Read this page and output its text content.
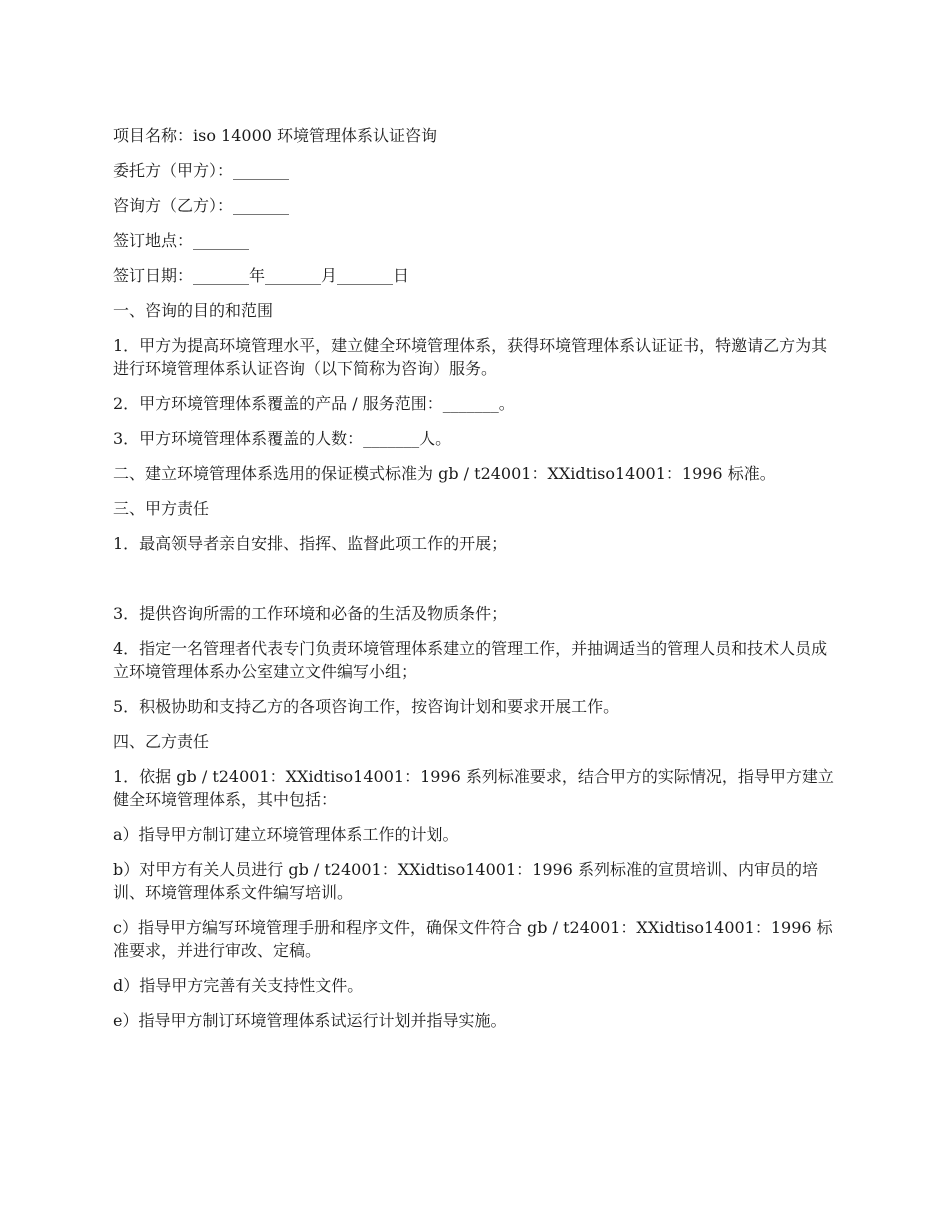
项目名称：iso 14000 环境管理体系认证咨询

委托方（甲方）：_______

咨询方（乙方）：_______

签订地点：_______

签订日期：_______年_______月_______日

一、咨询的目的和范围

1．甲方为提高环境管理水平，建立健全环境管理体系，获得环境管理体系认证证书，特邀请乙方为其进行环境管理体系认证咨询（以下简称为咨询）服务。

2．甲方环境管理体系覆盖的产品 / 服务范围：_______。

3．甲方环境管理体系覆盖的人数：_______人。

二、建立环境管理体系选用的保证模式标准为 gb / t24001：XXidtiso14001：1996 标准。

三、甲方责任

1．最高领导者亲自安排、指挥、监督此项工作的开展；

3．提供咨询所需的工作环境和必备的生活及物质条件；

4．指定一名管理者代表专门负责环境管理体系建立的管理工作，并抽调适当的管理人员和技术人员成立环境管理体系办公室建立文件编写小组；

5．积极协助和支持乙方的各项咨询工作，按咨询计划和要求开展工作。

四、乙方责任

1．依据 gb / t24001：XXidtiso14001：1996 系列标准要求，结合甲方的实际情况，指导甲方建立健全环境管理体系，其中包括：

a）指导甲方制订建立环境管理体系工作的计划。

b）对甲方有关人员进行 gb / t24001：XXidtiso14001：1996 系列标准的宣贯培训、内审员的培训、环境管理体系文件编写培训。

c）指导甲方编写环境管理手册和程序文件，确保文件符合 gb / t24001：XXidtiso14001：1996 标准要求，并进行审改、定稿。

d）指导甲方完善有关支持性文件。

e）指导甲方制订环境管理体系试运行计划并指导实施。
